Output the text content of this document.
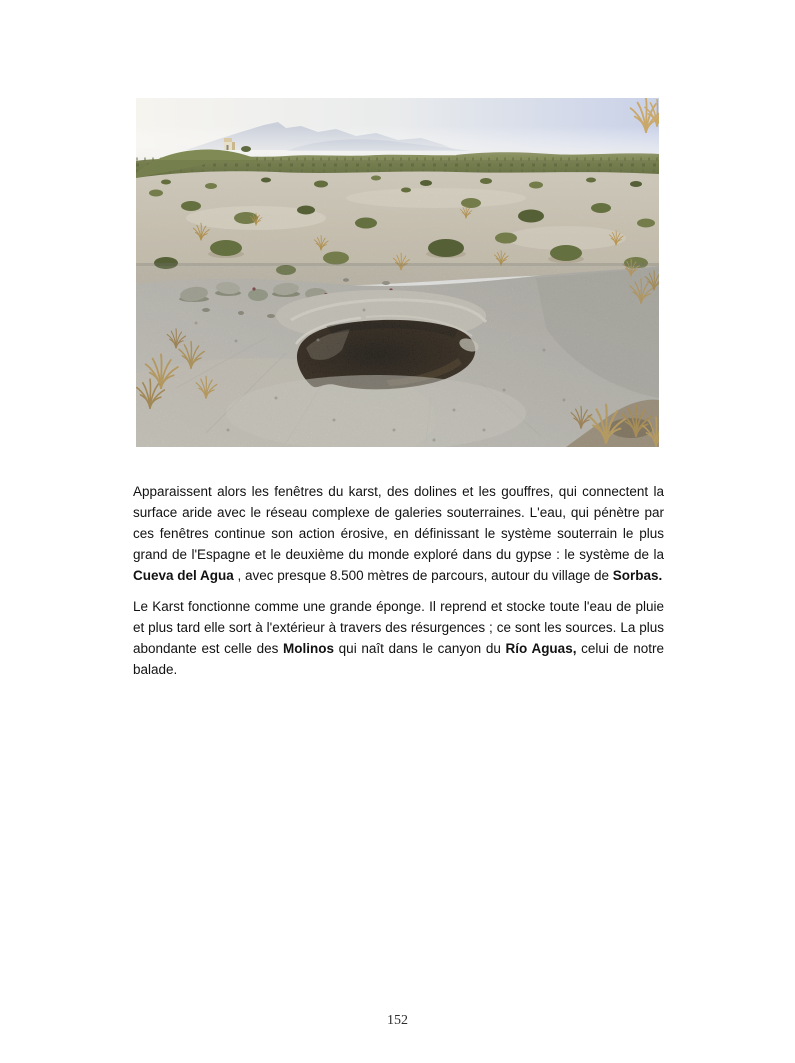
Apparaissent alors les fenêtres du karst, des dolines et les gouffres, qui connectent la surface aride avec le réseau complexe de galeries souterraines. L'eau, qui pénètre par ces fenêtres continue son action érosive, en définissant le système souterrain le plus grand de l'Espagne et le deuxième du monde exploré dans du gypse : le système de la Cueva del Agua , avec presque 8.500 mètres de parcours, autour du village de Sorbas.

Le Karst fonctionne comme une grande éponge. Il reprend et stocke toute l'eau de pluie et plus tard elle sort à l'extérieur à travers des résurgences ; ce sont les sources. La plus abondante est celle des Molinos qui naît dans le canyon du Río Aguas, celui de notre balade.

152
